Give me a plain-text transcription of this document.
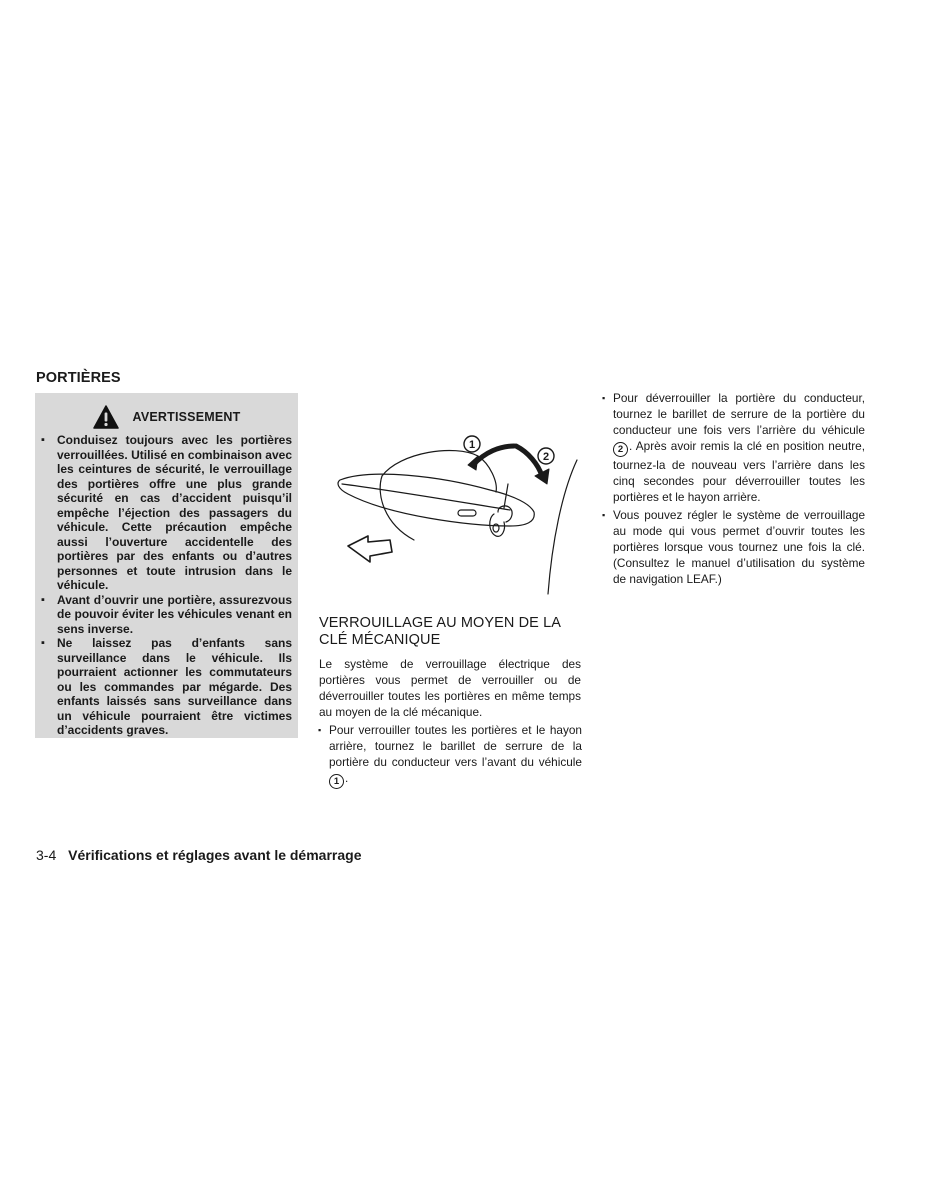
PORTIÈRES
AVERTISSEMENT
▪ Conduisez toujours avec les portières verrouillées. Utilisé en combinaison avec les ceintures de sécurité, le verrouillage des portières offre une plus grande sécurité en cas d’accident puisqu’il empêche l’éjection des passagers du véhicule. Cette précaution empêche aussi l’ouverture accidentelle des portières par des enfants ou d’autres personnes et toute intrusion dans le véhicule.
▪ Avant d’ouvrir une portière, assurezvous de pouvoir éviter les véhicules venant en sens inverse.
▪ Ne laissez pas d’enfants sans surveillance dans le véhicule. Ils pourraient actionner les commutateurs ou les commandes par mégarde. Des enfants laissés sans surveillance dans un véhicule pourraient être victimes d’accidents graves.
1
2
VERROUILLAGE AU MOYEN DE LA CLÉ MÉCANIQUE
Le système de verrouillage électrique des portières vous permet de verrouiller ou de déverrouiller toutes les portières en même temps au moyen de la clé mécanique.
▪ Pour verrouiller toutes les portières et le hayon arrière, tournez le barillet de serrure de la portière du conducteur vers l’avant du véhicule 1 .
▪ Pour déverrouiller la portière du conducteur, tournez le barillet de serrure de la portière du conducteur une fois vers l’arrière du véhicule 2 . Après avoir remis la clé en position neutre, tournez-la de nouveau vers l’arrière dans les cinq secondes pour déverrouiller toutes les portières et le hayon arrière.
▪ Vous pouvez régler le système de verrouillage au mode qui vous permet d’ouvrir toutes les portières lorsque vous tournez une fois la clé. (Consultez le manuel d’utilisation du système de navigation LEAF.)
3-4 Vérifications et réglages avant le démarrage
